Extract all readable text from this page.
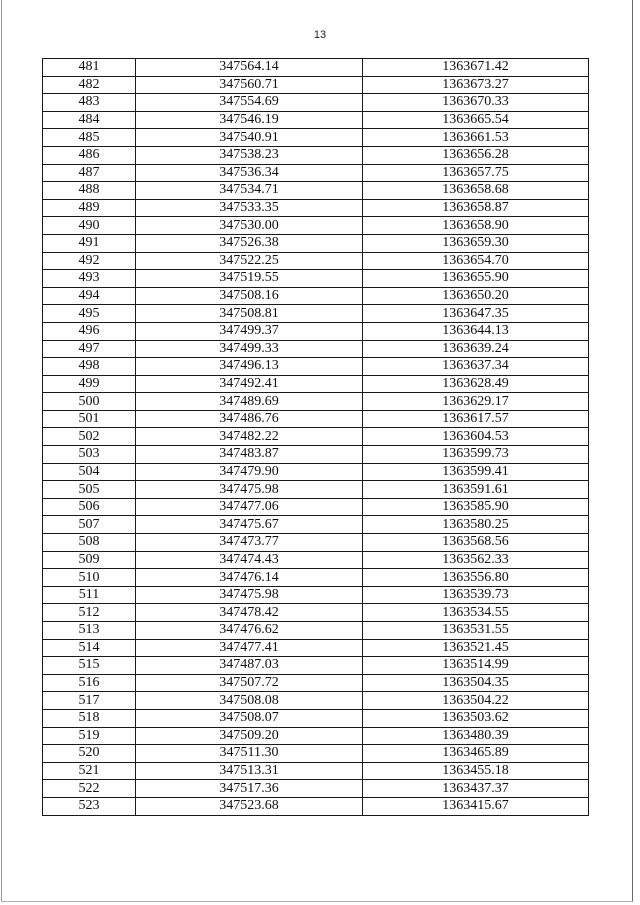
13
481	347564.14	1363671.42
482	347560.71	1363673.27
483	347554.69	1363670.33
484	347546.19	1363665.54
485	347540.91	1363661.53
486	347538.23	1363656.28
487	347536.34	1363657.75
488	347534.71	1363658.68
489	347533.35	1363658.87
490	347530.00	1363658.90
491	347526.38	1363659.30
492	347522.25	1363654.70
493	347519.55	1363655.90
494	347508.16	1363650.20
495	347508.81	1363647.35
496	347499.37	1363644.13
497	347499.33	1363639.24
498	347496.13	1363637.34
499	347492.41	1363628.49
500	347489.69	1363629.17
501	347486.76	1363617.57
502	347482.22	1363604.53
503	347483.87	1363599.73
504	347479.90	1363599.41
505	347475.98	1363591.61
506	347477.06	1363585.90
507	347475.67	1363580.25
508	347473.77	1363568.56
509	347474.43	1363562.33
510	347476.14	1363556.80
511	347475.98	1363539.73
512	347478.42	1363534.55
513	347476.62	1363531.55
514	347477.41	1363521.45
515	347487.03	1363514.99
516	347507.72	1363504.35
517	347508.08	1363504.22
518	347508.07	1363503.62
519	347509.20	1363480.39
520	347511.30	1363465.89
521	347513.31	1363455.18
522	347517.36	1363437.37
523	347523.68	1363415.67
